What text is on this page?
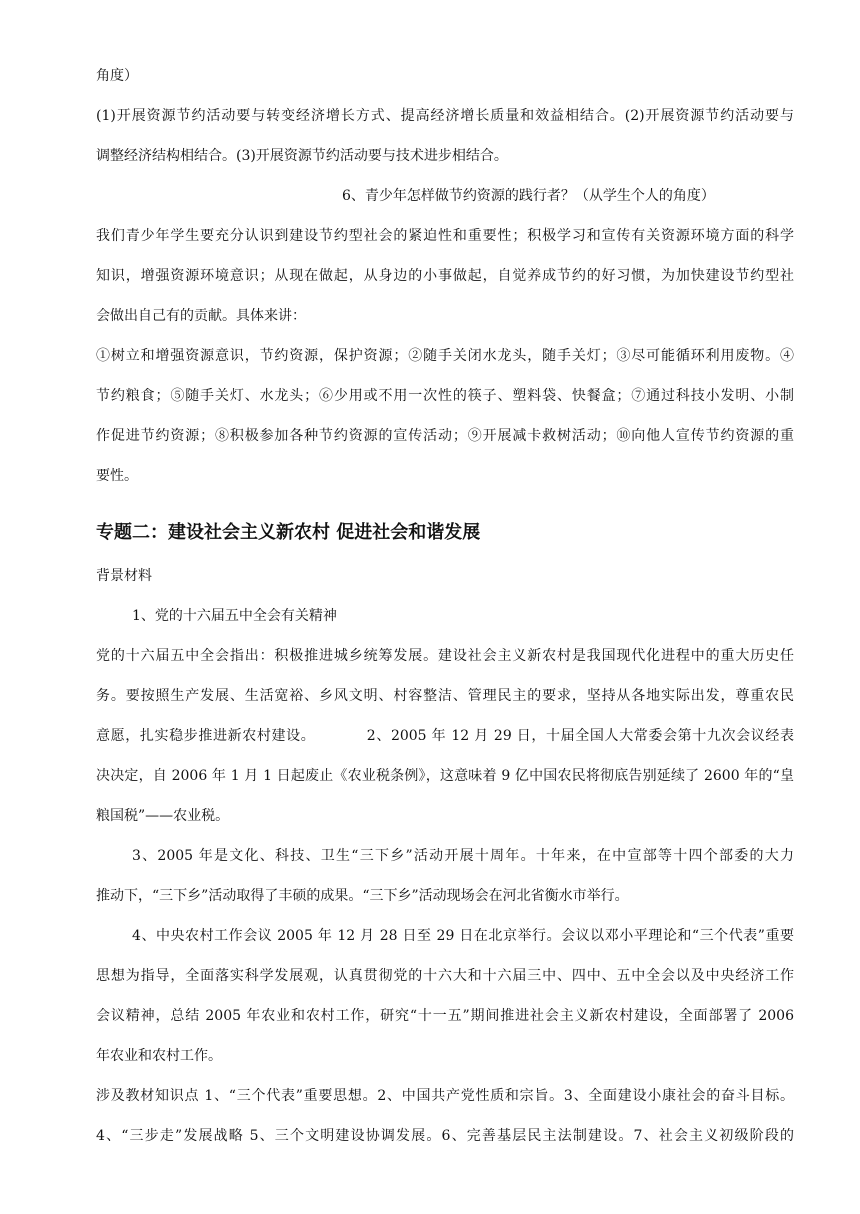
角度）
(1)开展资源节约活动要与转变经济增长方式、提高经济增长质量和效益相结合。(2)开展资源节约活动要与
调整经济结构相结合。(3)开展资源节约活动要与技术进步相结合。
6、青少年怎样做节约资源的践行者？（从学生个人的角度）
我们青少年学生要充分认识到建设节约型社会的紧迫性和重要性；积极学习和宣传有关资源环境方面的科学
知识，增强资源环境意识；从现在做起，从身边的小事做起，自觉养成节约的好习惯，为加快建设节约型社
会做出自己有的贡献。具体来讲：
①树立和增强资源意识，节约资源，保护资源；②随手关闭水龙头，随手关灯；③尽可能循环利用废物。④
节约粮食；⑤随手关灯、水龙头；⑥少用或不用一次性的筷子、塑料袋、快餐盒；⑦通过科技小发明、小制
作促进节约资源；⑧积极参加各种节约资源的宣传活动；⑨开展减卡救树活动；⑩向他人宣传节约资源的重
要性。
专题二：建设社会主义新农村 促进社会和谐发展
背景材料
1、党的十六届五中全会有关精神
党的十六届五中全会指出：积极推进城乡统筹发展。建设社会主义新农村是我国现代化进程中的重大历史任
务。要按照生产发展、生活宽裕、乡风文明、村容整洁、管理民主的要求，坚持从各地实际出发，尊重农民
意愿，扎实稳步推进新农村建设。　　　　2、2005 年 12 月 29 日，十届全国人大常委会第十九次会议经表
决决定，自 2006 年 1 月 1 日起废止《农业税条例》，这意味着 9 亿中国农民将彻底告别延续了 2600 年的“皇
粮国税”——农业税。
3、2005 年是文化、科技、卫生“三下乡”活动开展十周年。十年来，在中宣部等十四个部委的大力
推动下，“三下乡”活动取得了丰硕的成果。“三下乡”活动现场会在河北省衡水市举行。
4、中央农村工作会议 2005 年 12 月 28 日至 29 日在北京举行。会议以邓小平理论和“三个代表”重要
思想为指导，全面落实科学发展观，认真贯彻党的十六大和十六届三中、四中、五中全会以及中央经济工作
会议精神，总结 2005 年农业和农村工作，研究“十一五”期间推进社会主义新农村建设，全面部署了 2006
年农业和农村工作。
涉及教材知识点 1、“三个代表”重要思想。2、中国共产党性质和宗旨。3、全面建设小康社会的奋斗目标。
4、“三步走”发展战略 5、三个文明建设协调发展。6、完善基层民主法制建设。7、社会主义初级阶段的
